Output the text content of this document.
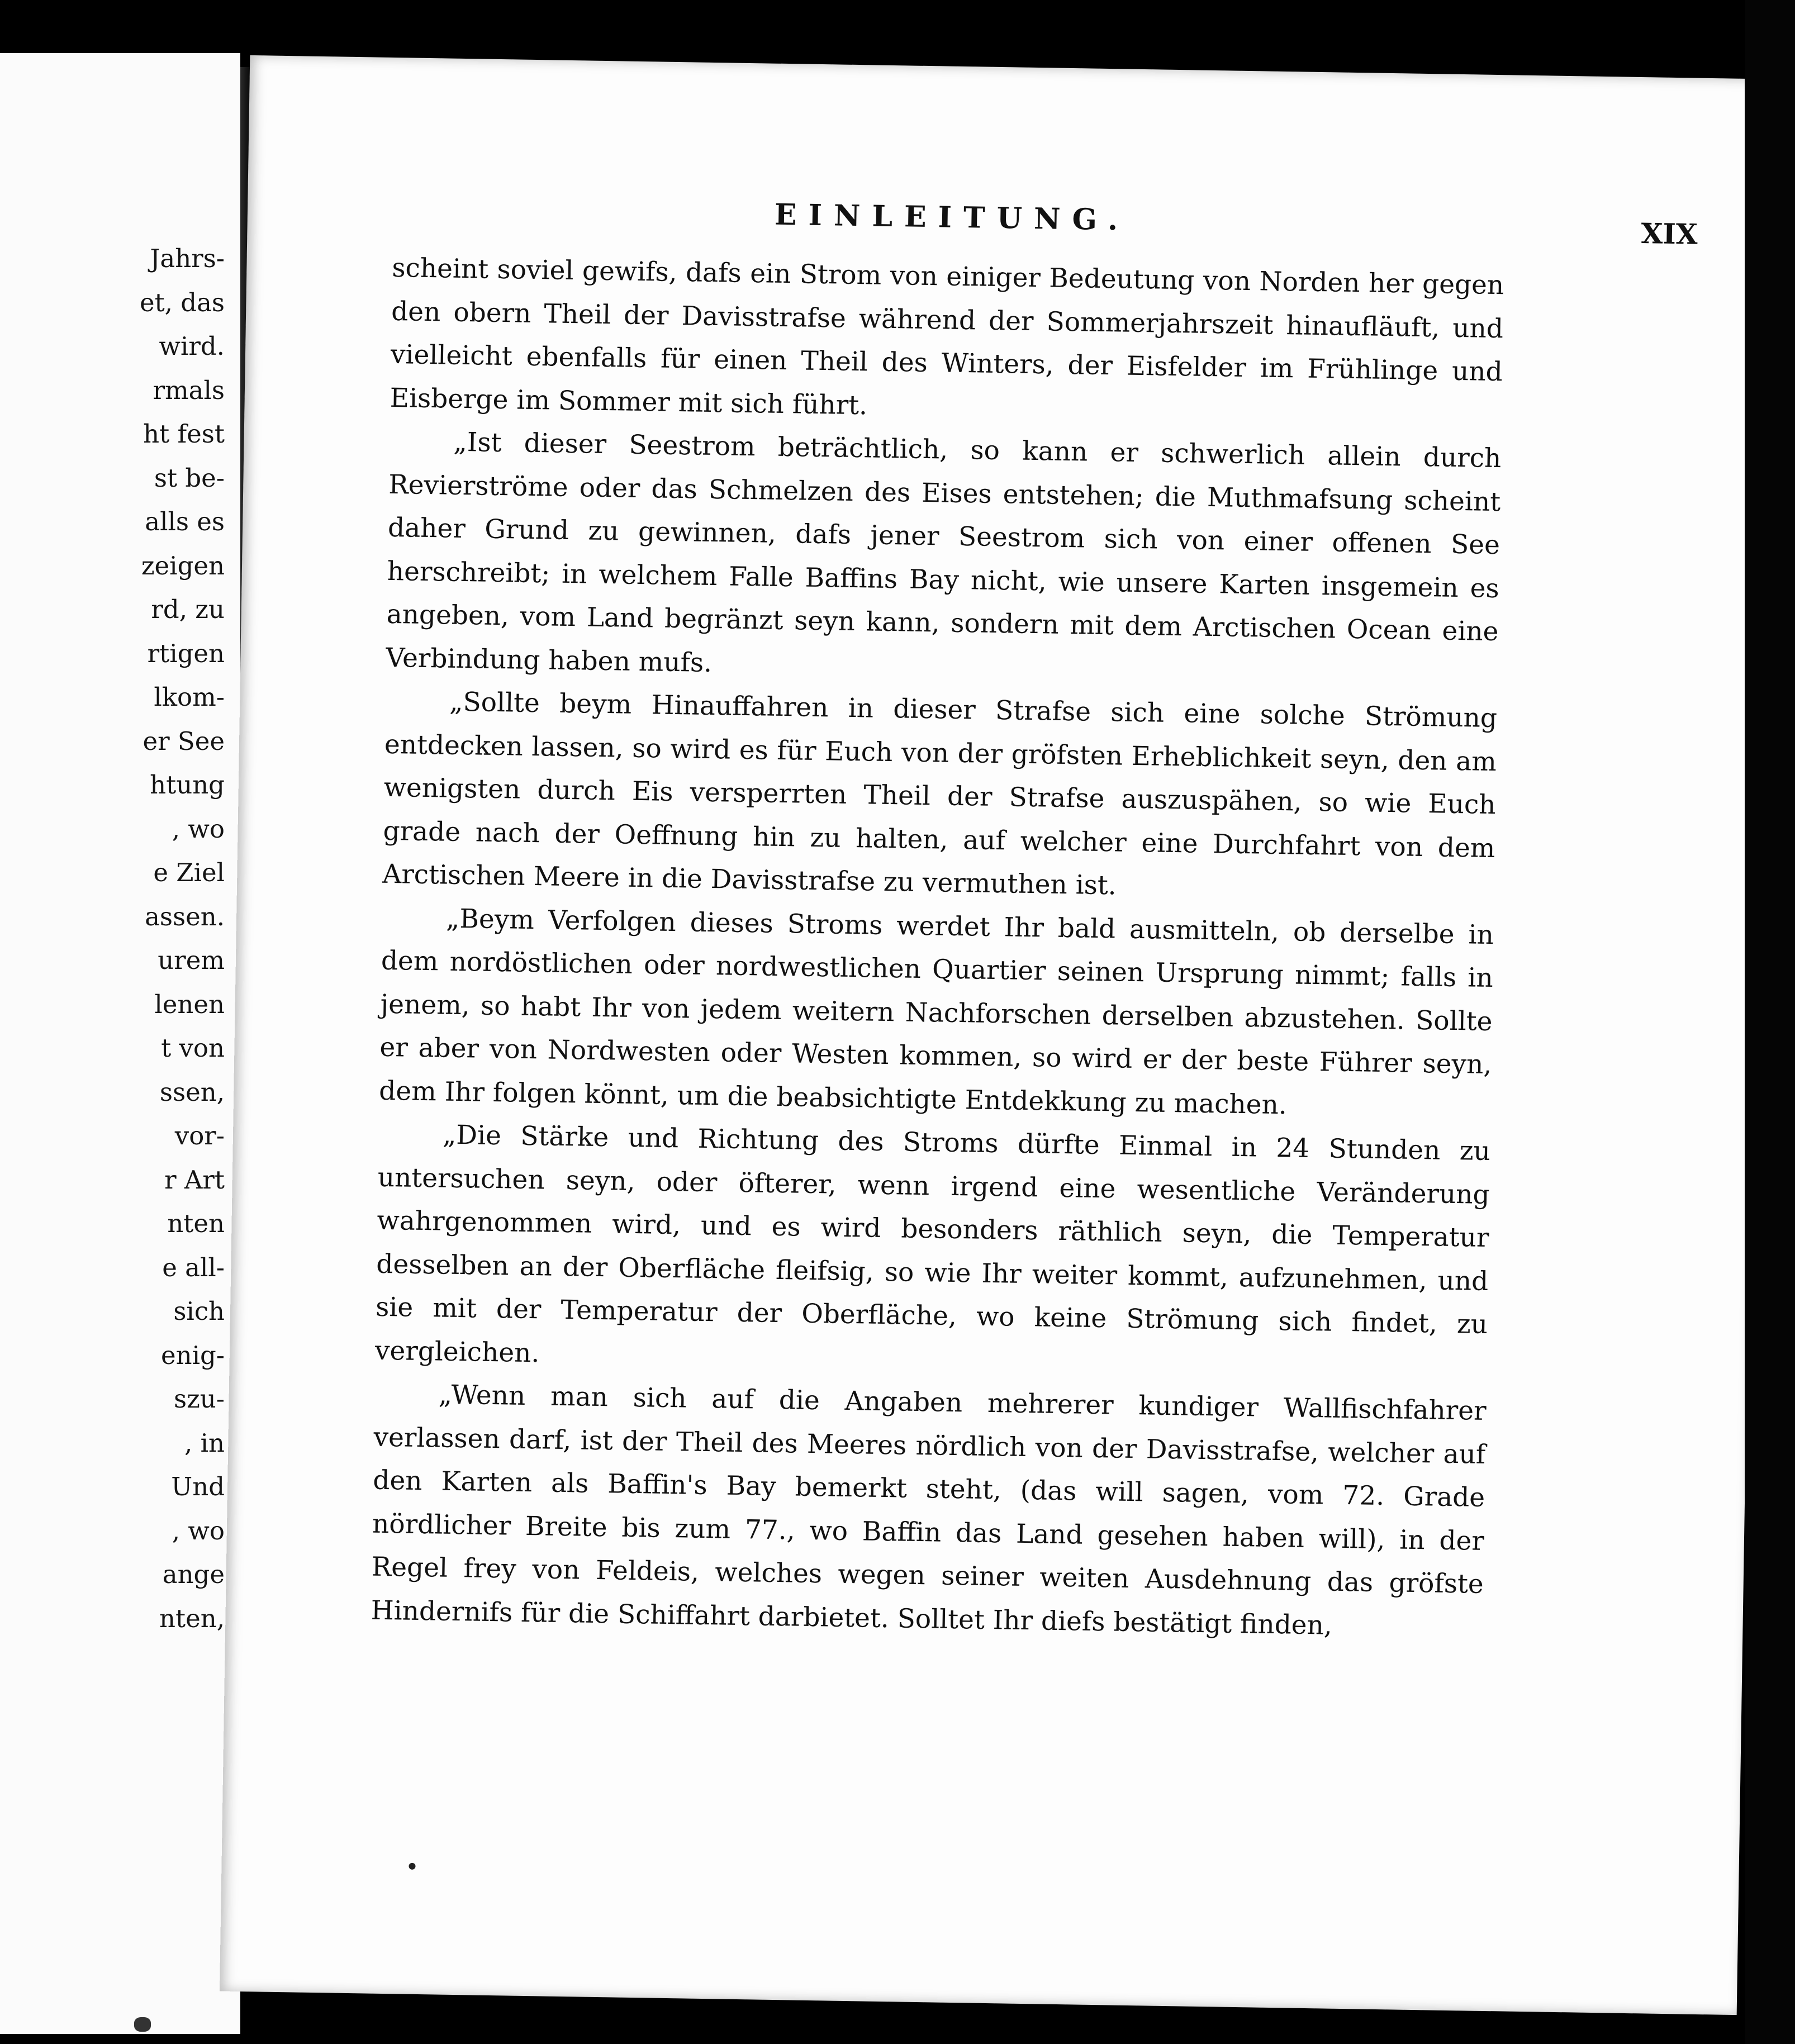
Jahrs-
et, das
wird.
rmals
ht fest
st be-
alls es
zeigen
rd, zu
rtigen
lkom-
er See
htung
, wo
e Ziel
assen.
urem
lenen
t von
ssen,
vor-
r Art
nten
e all-
sich
enig-
szu-
, in
Und
, wo
ange
nten,
EINLEITUNG.	XIX

scheint soviel gewifs, dafs ein Strom von einiger Bedeutung von Norden her gegen den obern Theil der Davisstrafse während der Sommerjahrszeit hinaufläuft, und vielleicht ebenfalls für einen Theil des Winters, der Eisfelder im Frühlinge und Eisberge im Sommer mit sich führt.

„Ist dieser Seestrom beträchtlich, so kann er schwerlich allein durch Revierströme oder das Schmelzen des Eises entstehen; die Muthmafsung scheint daher Grund zu gewinnen, dafs jener Seestrom sich von einer offenen See herschreibt; in welchem Falle Baffins Bay nicht, wie unsere Karten insgemein es angeben, vom Land begränzt seyn kann, sondern mit dem Arctischen Ocean eine Verbindung haben mufs.

„Sollte beym Hinauffahren in dieser Strafse sich eine solche Strömung entdecken lassen, so wird es für Euch von der gröfsten Erheblichkeit seyn, den am wenigsten durch Eis versperrten Theil der Strafse auszuspähen, so wie Euch grade nach der Oeffnung hin zu halten, auf welcher eine Durchfahrt von dem Arctischen Meere in die Davisstrafse zu vermuthen ist.

„Beym Verfolgen dieses Stroms werdet Ihr bald ausmitteln, ob derselbe in dem nordöstlichen oder nordwestlichen Quartier seinen Ursprung nimmt; falls in jenem, so habt Ihr von jedem weitern Nachforschen derselben abzustehen. Sollte er aber von Nordwesten oder Westen kommen, so wird er der beste Führer seyn, dem Ihr folgen könnt, um die beabsichtigte Entdekkung zu machen.

„Die Stärke und Richtung des Stroms dürfte Einmal in 24 Stunden zu untersuchen seyn, oder öfterer, wenn irgend eine wesentliche Veränderung wahrgenommen wird, und es wird besonders räthlich seyn, die Temperatur desselben an der Oberfläche fleifsig, so wie Ihr weiter kommt, aufzunehmen, und sie mit der Temperatur der Oberfläche, wo keine Strömung sich findet, zu vergleichen.

„Wenn man sich auf die Angaben mehrerer kundiger Wallfischfahrer verlassen darf, ist der Theil des Meeres nördlich von der Davisstrafse, welcher auf den Karten als Baffin's Bay bemerkt steht, (das will sagen, vom 72. Grade nördlicher Breite bis zum 77., wo Baffin das Land gesehen haben will), in der Regel frey von Feldeis, welches wegen seiner weiten Ausdehnung das gröfste Hindernifs für die Schiffahrt darbietet. Solltet Ihr diefs bestätigt finden,
